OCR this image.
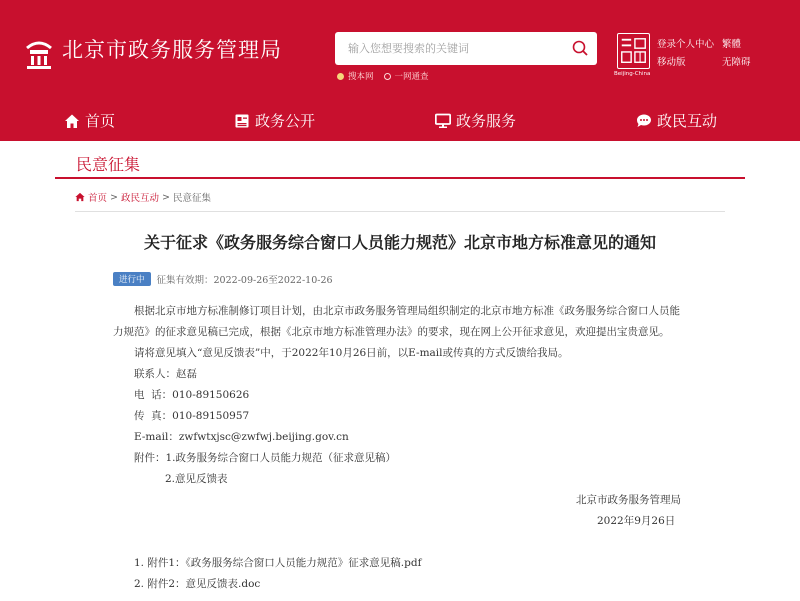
北京市政务服务管理局
输入您想要搜索的关键词
搜本网 一网通查	Beijing-China
登录个人中心 繁體
移动版	无障碍
首页	政务公开	政务服务	政民互动
民意征集
首页 > 政民互动 > 民意征集
关于征求《政务服务综合窗口人员能力规范》北京市地方标准意见的通知
进行中	征集有效期：2022-09-26至2022-10-26
根据北京市地方标准制修订项目计划，由北京市政务服务管理局组织制定的北京市地方标准《政务服务综合窗口人员能
力规范》的征求意见稿已完成，根据《北京市地方标准管理办法》的要求，现在网上公开征求意见，欢迎提出宝贵意见。
请将意见填入“意见反馈表”中，于2022年10月26日前，以E-mail或传真的方式反馈给我局。
联系人：赵磊
电  话：010-89150626
传  真：010-89150957
E-mail：zwfwtxjsc@zwfwj.beijing.gov.cn
附件：1.政务服务综合窗口人员能力规范（征求意见稿）
2.意见反馈表
北京市政务服务管理局
2022年9月26日
1. 附件1：《政务服务综合窗口人员能力规范》征求意见稿.pdf
2. 附件2：意见反馈表.doc
